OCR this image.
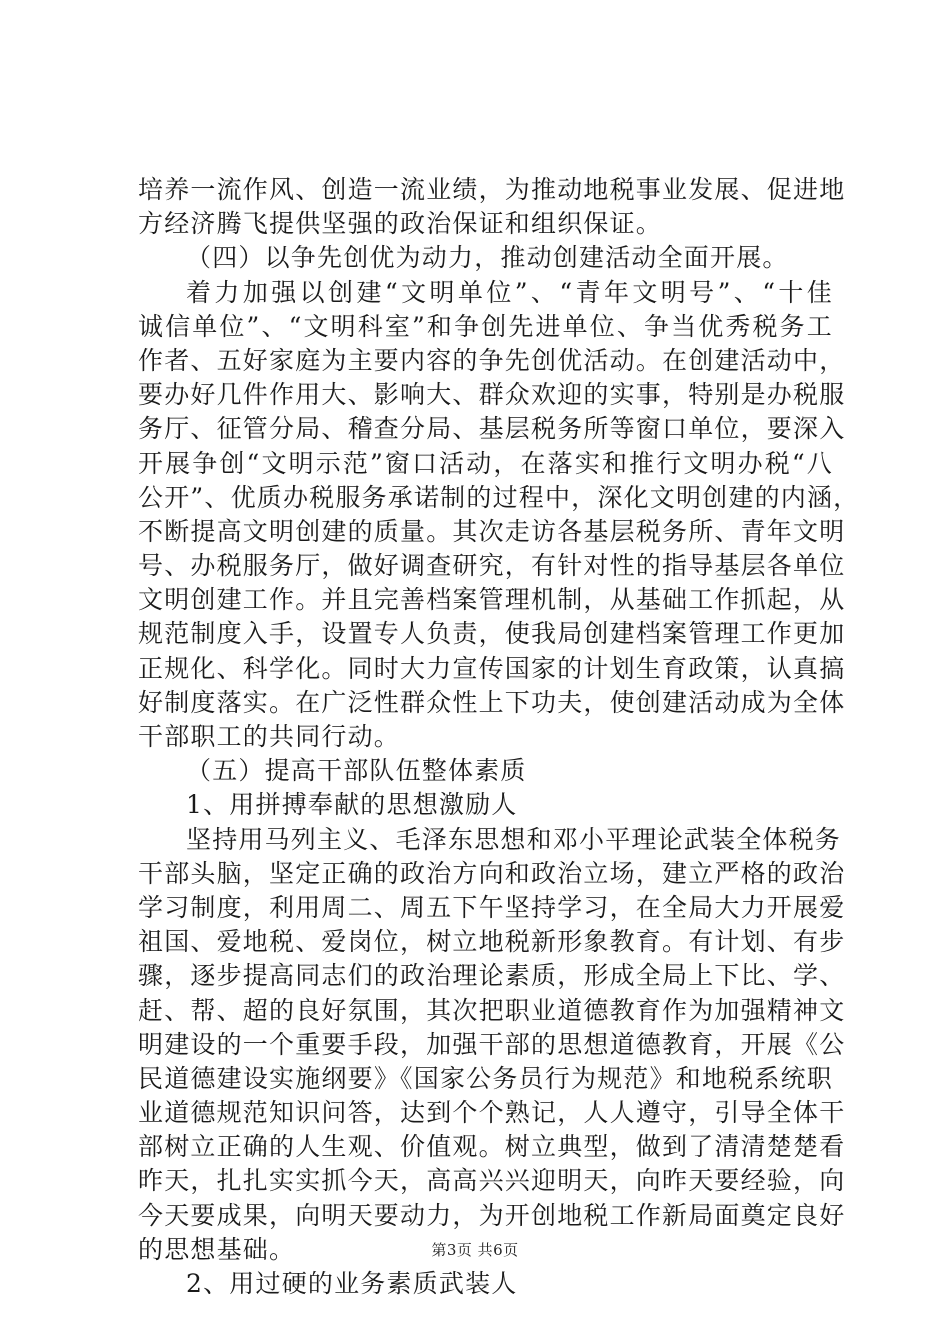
培养一流作风、创造一流业绩，为推动地税事业发展、促进地
方经济腾飞提供坚强的政治保证和组织保证。
（四）以争先创优为动力，推动创建活动全面开展。
着力加强以创建“文明单位”、“青年文明号”、“十佳
诚信单位”、“文明科室”和争创先进单位、争当优秀税务工
作者、五好家庭为主要内容的争先创优活动。在创建活动中，
要办好几件作用大、影响大、群众欢迎的实事，特别是办税服
务厅、征管分局、稽查分局、基层税务所等窗口单位，要深入
开展争创“文明示范”窗口活动，在落实和推行文明办税“八
公开”、优质办税服务承诺制的过程中，深化文明创建的内涵，
不断提高文明创建的质量。其次走访各基层税务所、青年文明
号、办税服务厅，做好调查研究，有针对性的指导基层各单位
文明创建工作。并且完善档案管理机制，从基础工作抓起，从
规范制度入手，设置专人负责，使我局创建档案管理工作更加
正规化、科学化。同时大力宣传国家的计划生育政策，认真搞
好制度落实。在广泛性群众性上下功夫，使创建活动成为全体
干部职工的共同行动。
（五）提高干部队伍整体素质
1、用拼搏奉献的思想激励人
坚持用马列主义、毛泽东思想和邓小平理论武装全体税务
干部头脑，坚定正确的政治方向和政治立场，建立严格的政治
学习制度，利用周二、周五下午坚持学习，在全局大力开展爱
祖国、爱地税、爱岗位，树立地税新形象教育。有计划、有步
骤，逐步提高同志们的政治理论素质，形成全局上下比、学、
赶、帮、超的良好氛围，其次把职业道德教育作为加强精神文
明建设的一个重要手段，加强干部的思想道德教育，开展《公
民道德建设实施纲要》《国家公务员行为规范》和地税系统职
业道德规范知识问答，达到个个熟记，人人遵守，引导全体干
部树立正确的人生观、价值观。树立典型，做到了清清楚楚看
昨天，扎扎实实抓今天，高高兴兴迎明天，向昨天要经验，向
今天要成果，向明天要动力，为开创地税工作新局面奠定良好
的思想基础。
2、用过硬的业务素质武装人
第3页 共6页
